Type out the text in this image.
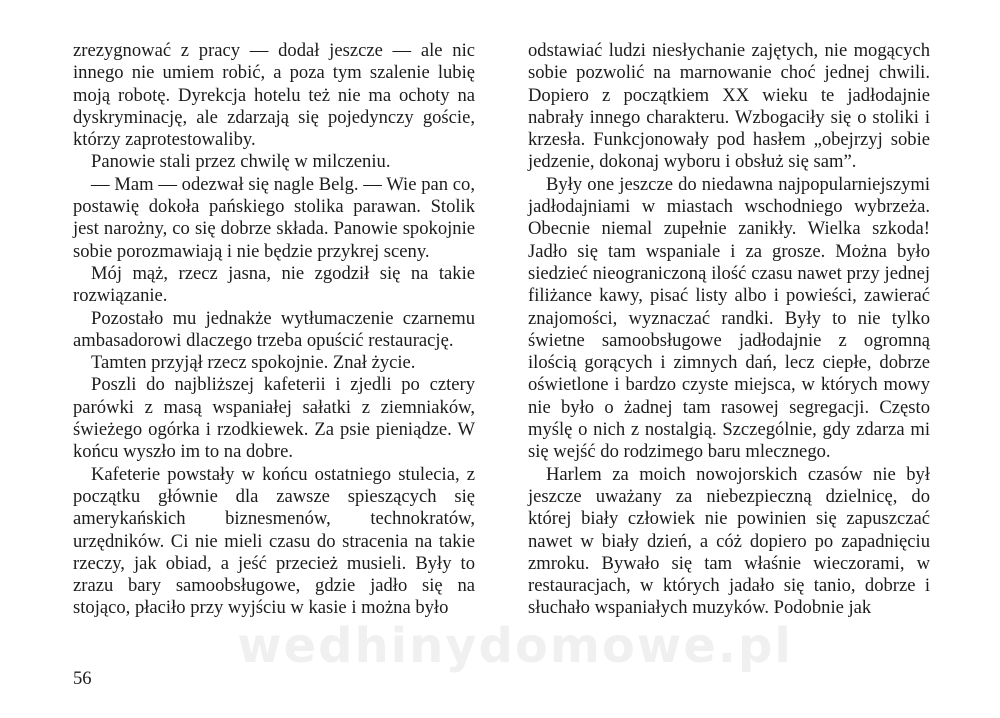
zrezygnować z pracy — dodał jeszcze — ale nic innego nie umiem robić, a poza tym szalenie lubię moją robotę. Dyrekcja hotelu też nie ma ochoty na dyskryminację, ale zdarzają się pojedynczy goście, którzy zaprotestowaliby.

Panowie stali przez chwilę w milczeniu.

— Mam — odezwał się nagle Belg. — Wie pan co, postawię dokoła pańskiego stolika parawan. Stolik jest narożny, co się dobrze składa. Panowie spokojnie sobie porozmawiają i nie będzie przykrej sceny.

Mój mąż, rzecz jasna, nie zgodził się na takie rozwiązanie.

Pozostało mu jednakże wytłumaczenie czarnemu ambasadorowi dlaczego trzeba opuścić restaurację.

Tamten przyjął rzecz spokojnie. Znał życie.

Poszli do najbliższej kafeterii i zjedli po cztery parówki z masą wspaniałej sałatki z ziemniaków, świeżego ogórka i rzodkiewek. Za psie pieniądze. W końcu wyszło im to na dobre.

Kafeterie powstały w końcu ostatniego stulecia, z początku głównie dla zawsze spieszących się amerykańskich biznesmenów, technokratów, urzędników. Ci nie mieli czasu do stracenia na takie rzeczy, jak obiad, a jeść przecież musieli. Były to zrazu bary samoobsługowe, gdzie jadło się na stojąco, płaciło przy wyjściu w kasie i można było

odstawiać ludzi niesłychanie zajętych, nie mogących sobie pozwolić na marnowanie choć jednej chwili. Dopiero z początkiem XX wieku te jadłodajnie nabrały innego charakteru. Wzbogaciły się o stoliki i krzesła. Funkcjonowały pod hasłem „obejrzyj sobie jedzenie, dokonaj wyboru i obsłuż się sam”.

Były one jeszcze do niedawna najpopularniejszymi jadłodajniami w miastach wschodniego wybrzeża. Obecnie niemal zupełnie zanikły. Wielka szkoda! Jadło się tam wspaniale i za grosze. Można było siedzieć nieograniczoną ilość czasu nawet przy jednej filiżance kawy, pisać listy albo i powieści, zawierać znajomości, wyznaczać randki. Były to nie tylko świetne samoobsługowe jadłodajnie z ogromną ilością gorących i zimnych dań, lecz ciepłe, dobrze oświetlone i bardzo czyste miejsca, w których mowy nie było o żadnej tam rasowej segregacji. Często myślę o nich z nostalgią. Szczególnie, gdy zdarza mi się wejść do rodzimego baru mlecznego.

Harlem za moich nowojorskich czasów nie był jeszcze uważany za niebezpieczną dzielnicę, do której biały człowiek nie powinien się zapuszczać nawet w biały dzień, a cóż dopiero po zapadnięciu zmroku. Bywało się tam właśnie wieczorami, w restauracjach, w których jadało się tanio, dobrze i słuchało wspaniałych muzyków. Podobnie jak

56
wedhinydomowe.pl
